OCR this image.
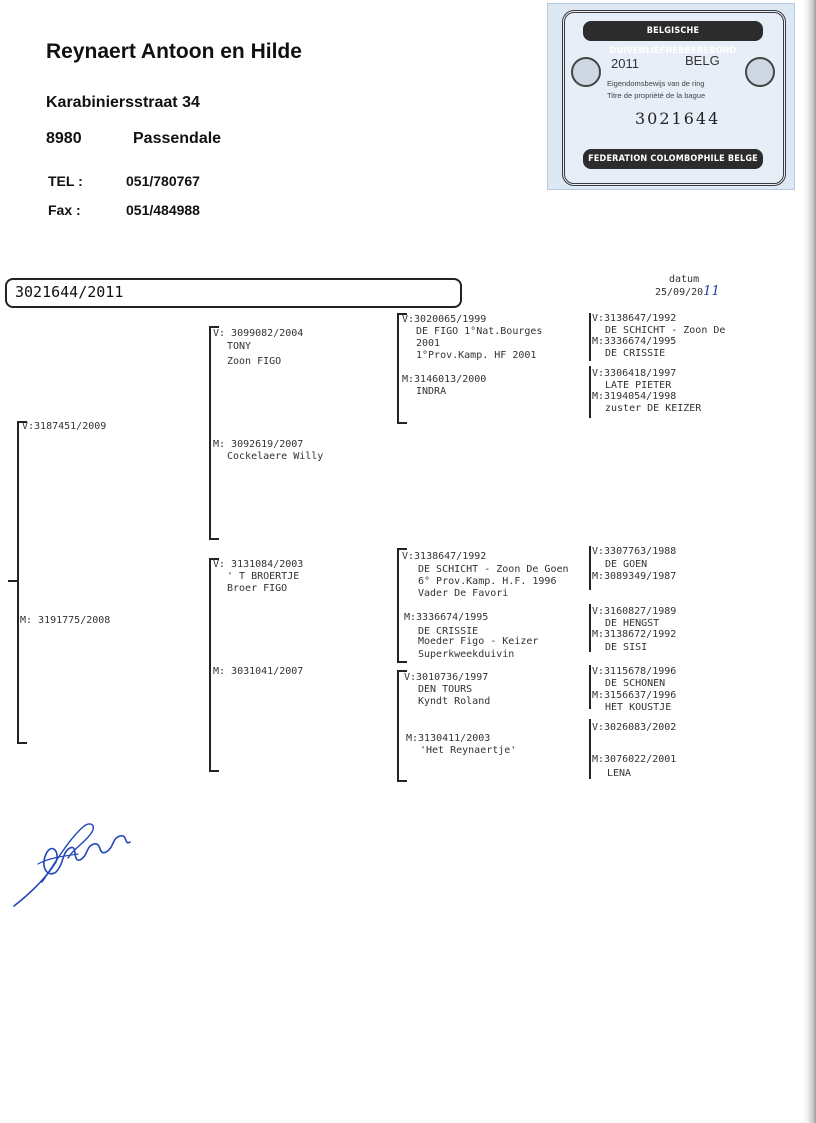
Reynaert Antoon en Hilde
Karabiniersstraat 34
8980	Passendale
TEL :	051/780767
Fax :	051/484988
BELGISCHE DUIVENLIEFHEBBERSBOND
2011	BELG
Eigendomsbewijs van de ring
Titre de propriété de la bague
3021644
FEDERATION COLOMBOPHILE BELGE
3021644/2011
datum
25/09/2011
V:3187451/2009
M: 3191775/2008
V: 3099082/2004
TONY
Zoon FIGO
M: 3092619/2007
Cockelaere Willy
V: 3131084/2003
' T BROERTJE
Broer FIGO
M: 3031041/2007
V:3020065/1999
DE FIGO 1°Nat.Bourges
2001
1°Prov.Kamp. HF 2001
M:3146013/2000
INDRA
V:3138647/1992
DE SCHICHT - Zoon De Goen
6° Prov.Kamp. H.F. 1996
Vader De Favori
M:3336674/1995
DE CRISSIE
Moeder Figo - Keizer
Superkweekduivin
V:3010736/1997
DEN TOURS
Kyndt Roland
M:3130411/2003
'Het Reynaertje'
V:3138647/1992
DE SCHICHT - Zoon De
M:3336674/1995
DE CRISSIE
V:3306418/1997
LATE PIETER
M:3194054/1998
zuster DE KEIZER
V:3307763/1988
DE GOEN
M:3089349/1987
V:3160827/1989
DE HENGST
M:3138672/1992
DE SISI
V:3115678/1996
DE SCHONEN
M:3156637/1996
HET KOUSTJE
V:3026083/2002
M:3076022/2001
LENA
